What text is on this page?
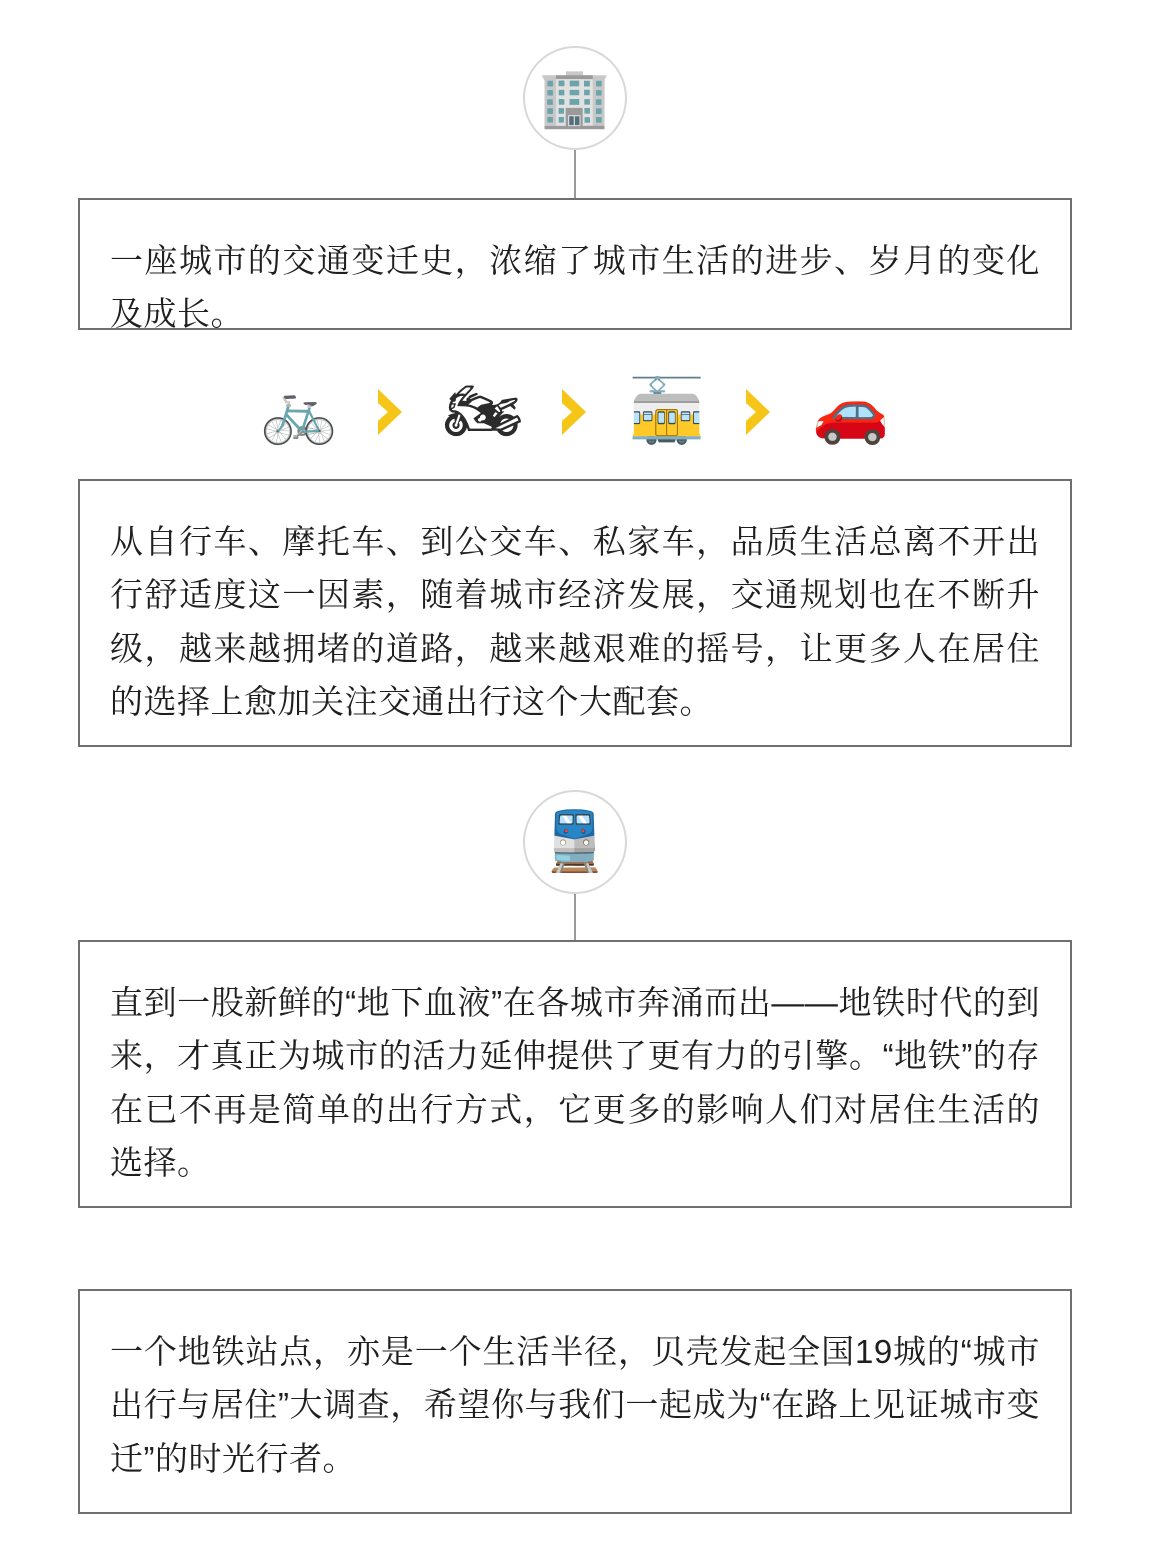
🏢

一座城市的交通变迁史，浓缩了城市生活的进步、岁月的变化及成长。

🚲 🏍 🚋 🚗

从自行车、摩托车、到公交车、私家车，品质生活总离不开出行舒适度这一因素，随着城市经济发展，交通规划也在不断升级，越来越拥堵的道路，越来越艰难的摇号，让更多人在居住的选择上愈加关注交通出行这个大配套。

🚆

直到一股新鲜的“地下血液”在各城市奔涌而出——地铁时代的到来，才真正为城市的活力延伸提供了更有力的引擎。“地铁”的存在已不再是简单的出行方式，它更多的影响人们对居住生活的选择。

一个地铁站点，亦是一个生活半径，贝壳发起全国19城的“城市出行与居住”大调查，希望你与我们一起成为“在路上见证城市变迁”的时光行者。
